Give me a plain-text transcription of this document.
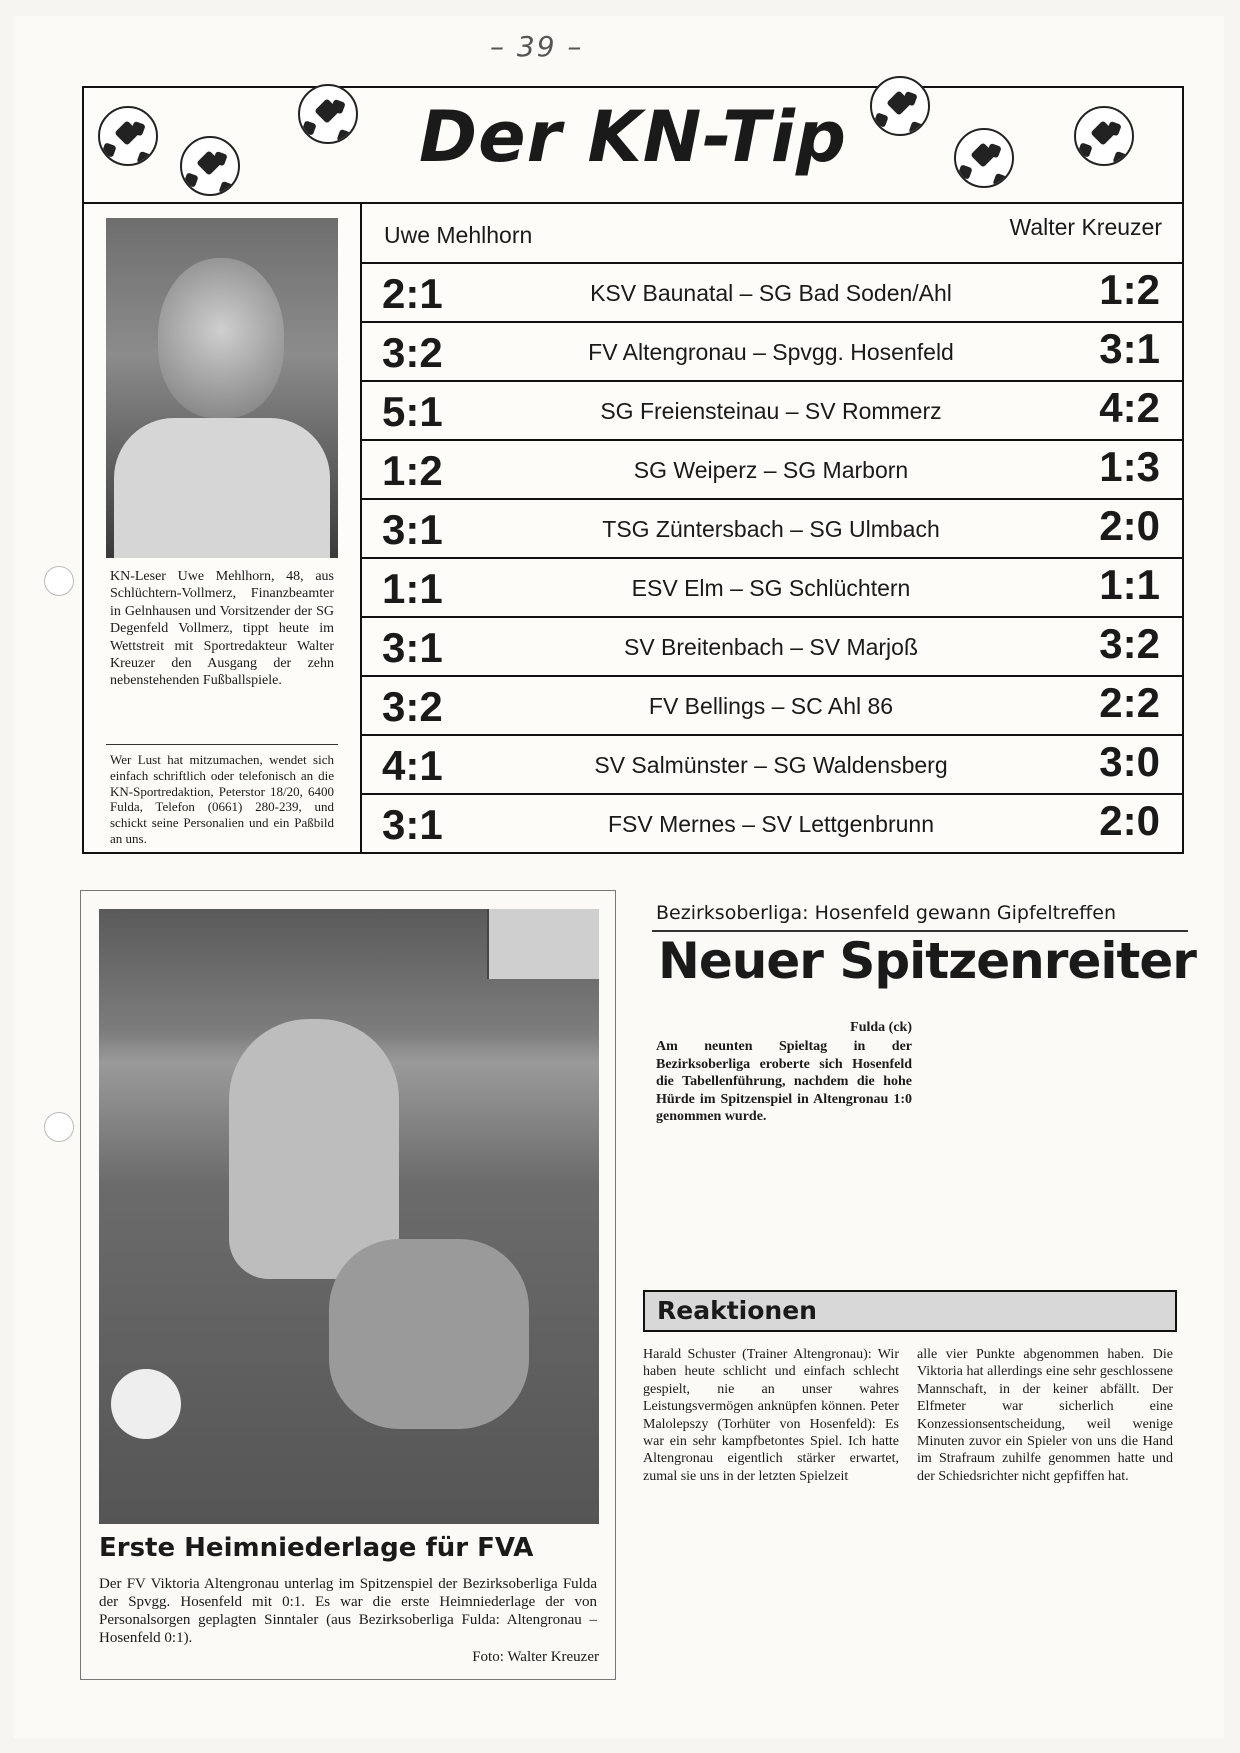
– 39 –
Der KN-Tip
KN-Leser Uwe Mehlhorn, 48, aus Schlüchtern-Vollmerz, Finanzbeamter in Gelnhausen und Vorsitzender der SG Degenfeld Vollmerz, tippt heute im Wettstreit mit Sportredakteur Walter Kreuzer den Ausgang der zehn nebenstehenden Fußballspiele.
Wer Lust hat mitzumachen, wendet sich einfach schriftlich oder telefonisch an die KN-Sportredaktion, Peterstor 18/20, 6400 Fulda, Telefon (0661) 280-239, und schickt seine Personalien und ein Paßbild an uns.
Uwe Mehlhorn	Walter Kreuzer
2:1	KSV Baunatal – SG Bad Soden/Ahl	1:2
3:2	FV Altengronau – Spvgg. Hosenfeld	3:1
5:1	SG Freiensteinau – SV Rommerz	4:2
1:2	SG Weiperz – SG Marborn	1:3
3:1	TSG Züntersbach – SG Ulmbach	2:0
1:1	ESV Elm – SG Schlüchtern	1:1
3:1	SV Breitenbach – SV Marjoß	3:2
3:2	FV Bellings – SC Ahl 86	2:2
4:1	SV Salmünster – SG Waldensberg	3:0
3:1	FSV Mernes – SV Lettgenbrunn	2:0
Erste Heimniederlage für FVA
Der FV Viktoria Altengronau unterlag im Spitzenspiel der Bezirksoberliga Fulda der Spvgg. Hosenfeld mit 0:1. Es war die erste Heimniederlage der von Personalsorgen geplagten Sinntaler (aus Bezirksoberliga Fulda: Altengronau – Hosenfeld 0:1).
Foto: Walter Kreuzer
Bezirksoberliga: Hosenfeld gewann Gipfeltreffen
Neuer Spitzenreiter
Fulda (ck)
Am neunten Spieltag in der Bezirksoberliga eroberte sich Hosenfeld die Tabellenführung, nachdem die hohe Hürde im Spitzenspiel in Altengronau 1:0 genommen wurde.
Reaktionen
Harald Schuster (Trainer Altengronau): Wir haben heute schlicht und einfach schlecht gespielt, nie an unser wahres Leistungsvermögen anknüpfen können. Peter Malolepszy (Torhüter von Hosenfeld): Es war ein sehr kampfbetontes Spiel. Ich hatte Altengronau eigentlich stärker erwartet, zumal sie uns in der letzten Spielzeit
alle vier Punkte abgenommen haben. Die Viktoria hat allerdings eine sehr geschlossene Mannschaft, in der keiner abfällt. Der Elfmeter war sicherlich eine Konzessionsentscheidung, weil wenige Minuten zuvor ein Spieler von uns die Hand im Strafraum zuhilfe genommen hatte und der Schiedsrichter nicht gepfiffen hat.
